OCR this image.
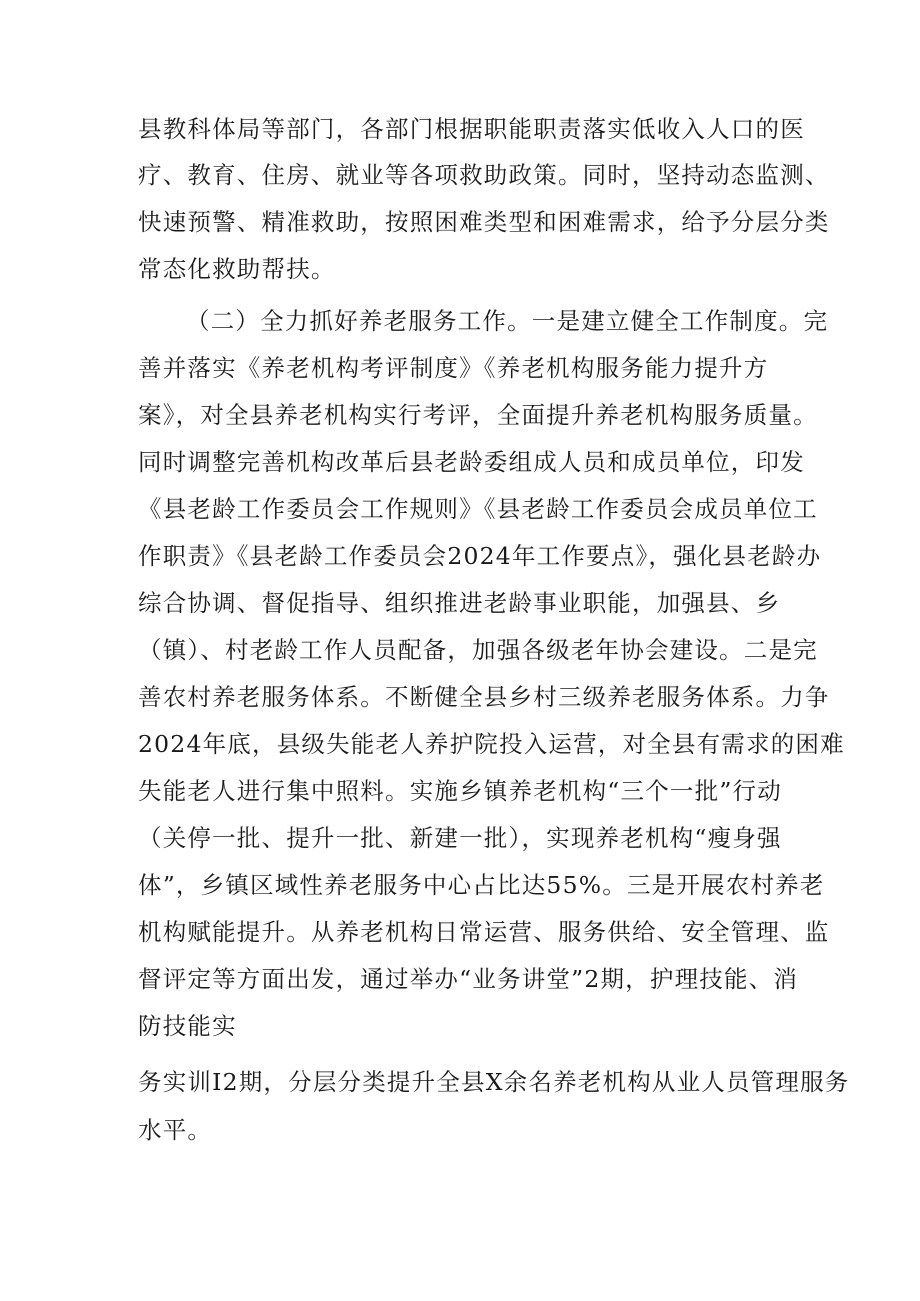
县教科体局等部门，各部门根据职能职责落实低收入人口的医
疗、教育、住房、就业等各项救助政策。同时，坚持动态监测、
快速预警、精准救助，按照困难类型和困难需求，给予分层分类
常态化救助帮扶。
（二）全力抓好养老服务工作。一是建立健全工作制度。完
善并落实《养老机构考评制度》《养老机构服务能力提升方
案》，对全县养老机构实行考评，全面提升养老机构服务质量。
同时调整完善机构改革后县老龄委组成人员和成员单位，印发
《县老龄工作委员会工作规则》《县老龄工作委员会成员单位工
作职责》《县老龄工作委员会2024年工作要点》，强化县老龄办
综合协调、督促指导、组织推进老龄事业职能，加强县、乡
（镇）、村老龄工作人员配备，加强各级老年协会建设。二是完
善农村养老服务体系。不断健全县乡村三级养老服务体系。力争
2024年底，县级失能老人养护院投入运营，对全县有需求的困难
失能老人进行集中照料。实施乡镇养老机构“三个一批”行动
（关停一批、提升一批、新建一批），实现养老机构“瘦身强
体”，乡镇区域性养老服务中心占比达55%。三是开展农村养老
机构赋能提升。从养老机构日常运营、服务供给、安全管理、监
督评定等方面出发，通过举办“业务讲堂”2期，护理技能、消
防技能实
务实训I2期，分层分类提升全县X余名养老机构从业人员管理服务
水平。
